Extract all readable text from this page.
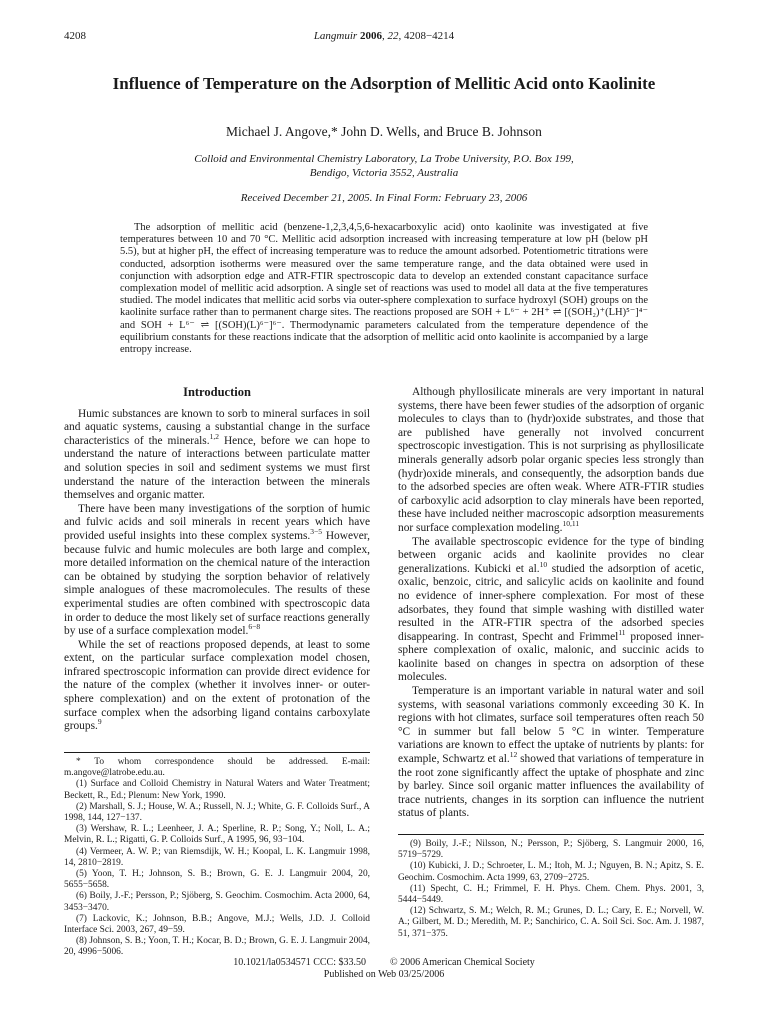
4208	Langmuir 2006, 22, 4208−4214
Influence of Temperature on the Adsorption of Mellitic Acid onto Kaolinite
Michael J. Angove,* John D. Wells, and Bruce B. Johnson
Colloid and Environmental Chemistry Laboratory, La Trobe University, P.O. Box 199,
Bendigo, Victoria 3552, Australia
Received December 21, 2005. In Final Form: February 23, 2006

The adsorption of mellitic acid (benzene-1,2,3,4,5,6-hexacarboxylic acid) onto kaolinite was investigated at five temperatures between 10 and 70 °C. Mellitic acid adsorption increased with increasing temperature at low pH (below pH 5.5), but at higher pH, the effect of increasing temperature was to reduce the amount adsorbed. Potentiometric titrations were conducted, adsorption isotherms were measured over the same temperature range, and the data obtained were used in conjunction with adsorption edge and ATR-FTIR spectroscopic data to develop an extended constant capacitance surface complexation model of mellitic acid adsorption. A single set of reactions was used to model all data at the five temperatures studied. The model indicates that mellitic acid sorbs via outer-sphere complexation to surface hydroxyl (SOH) groups on the kaolinite surface rather than to permanent charge sites. The reactions proposed are SOH + L⁶⁻ + 2H⁺ ⇌ [(SOH₂)⁺(LH)⁵⁻]⁴⁻ and SOH + L⁶⁻ ⇌ [(SOH)(L)⁶⁻]⁶⁻. Thermodynamic parameters calculated from the temperature dependence of the equilibrium constants for these reactions indicate that the adsorption of mellitic acid onto kaolinite is accompanied by a large entropy increase.

Introduction

Humic substances are known to sorb to mineral surfaces in soil and aquatic systems, causing a substantial change in the surface characteristics of the minerals.$^{1,2}$ Hence, before we can hope to understand the nature of interactions between particulate matter and solution species in soil and sediment systems we must first understand the nature of the interaction between the minerals themselves and organic matter.

There have been many investigations of the sorption of humic and fulvic acids and soil minerals in recent years which have provided useful insights into these complex systems.$^{3-5}$ However, because fulvic and humic molecules are both large and complex, more detailed information on the chemical nature of the interaction can be obtained by studying the sorption behavior of relatively simple analogues of these macromolecules. The results of these experimental studies are often combined with spectroscopic data in order to deduce the most likely set of surface reactions generally by use of a surface complexation model.$^{6-8}$

While the set of reactions proposed depends, at least to some extent, on the particular surface complexation model chosen, infrared spectroscopic information can provide direct evidence for the nature of the complex (whether it involves inner- or outer-sphere complexation) and on the extent of protonation of the surface complex when the adsorbing ligand contains carboxylate groups.$^9$

* To whom correspondence should be addressed. E-mail: m.angove@latrobe.edu.au.
(1) Surface and Colloid Chemistry in Natural Waters and Water Treatment; Beckett, R., Ed.; Plenum: New York, 1990.
(2) Marshall, S. J.; House, W. A.; Russell, N. J.; White, G. F. Colloids Surf., A 1998, 144, 127−137.
(3) Wershaw, R. L.; Leenheer, J. A.; Sperline, R. P.; Song, Y.; Noll, L. A.; Melvin, R. L.; Rigatti, G. P. Colloids Surf., A 1995, 96, 93−104.
(4) Vermeer, A. W. P.; van Riemsdijk, W. H.; Koopal, L. K. Langmuir 1998, 14, 2810−2819.
(5) Yoon, T. H.; Johnson, S. B.; Brown, G. E. J. Langmuir 2004, 20, 5655−5658.
(6) Boily, J.-F.; Persson, P.; Sjöberg, S. Geochim. Cosmochim. Acta 2000, 64, 3453−3470.
(7) Lackovic, K.; Johnson, B.B.; Angove, M.J.; Wells, J.D. J. Colloid Interface Sci. 2003, 267, 49−59.
(8) Johnson, S. B.; Yoon, T. H.; Kocar, B. D.; Brown, G. E. J. Langmuir 2004, 20, 4996−5006.

Although phyllosilicate minerals are very important in natural systems, there have been fewer studies of the adsorption of organic molecules to clays than to (hydr)oxide substrates, and those that are published have generally not involved concurrent spectroscopic investigation. This is not surprising as phyllosilicate minerals generally adsorb polar organic species less strongly than (hydr)oxide minerals, and consequently, the adsorption bands due to the adsorbed species are often weak. Where ATR-FTIR studies of carboxylic acid adsorption to clay minerals have been reported, these have included neither macroscopic adsorption measurements nor surface complexation modeling.$^{10,11}$

The available spectroscopic evidence for the type of binding between organic acids and kaolinite provides no clear generalizations. Kubicki et al.$^{10}$ studied the adsorption of acetic, oxalic, benzoic, citric, and salicylic acids on kaolinite and found no evidence of inner-sphere complexation. For most of these adsorbates, they found that simple washing with distilled water resulted in the ATR-FTIR spectra of the adsorbed species disappearing. In contrast, Specht and Frimmel$^{11}$ proposed inner-sphere complexation of oxalic, malonic, and succinic acids to kaolinite based on changes in spectra on adsorption of these molecules.

Temperature is an important variable in natural water and soil systems, with seasonal variations commonly exceeding 30 K. In regions with hot climates, surface soil temperatures often reach 50 °C in summer but fall below 5 °C in winter. Temperature variations are known to effect the uptake of nutrients by plants: for example, Schwartz et al.$^{12}$ showed that variations of temperature in the root zone significantly affect the uptake of phosphate and zinc by barley. Since soil organic matter influences the availability of trace nutrients, changes in its sorption can influence the nutrient status of plants.

(9) Boily, J.-F.; Nilsson, N.; Persson, P.; Sjöberg, S. Langmuir 2000, 16, 5719−5729.
(10) Kubicki, J. D.; Schroeter, L. M.; Itoh, M. J.; Nguyen, B. N.; Apitz, S. E. Geochim. Cosmochim. Acta 1999, 63, 2709−2725.
(11) Specht, C. H.; Frimmel, F. H. Phys. Chem. Chem. Phys. 2001, 3, 5444−5449.
(12) Schwartz, S. M.; Welch, R. M.; Grunes, D. L.; Cary, E. E.; Norvell, W. A.; Gilbert, M. D.; Meredith, M. P.; Sanchirico, C. A. Soil Sci. Soc. Am. J. 1987, 51, 371−375.
10.1021/la0534571 CCC: $33.50 © 2006 American Chemical Society
Published on Web 03/25/2006
